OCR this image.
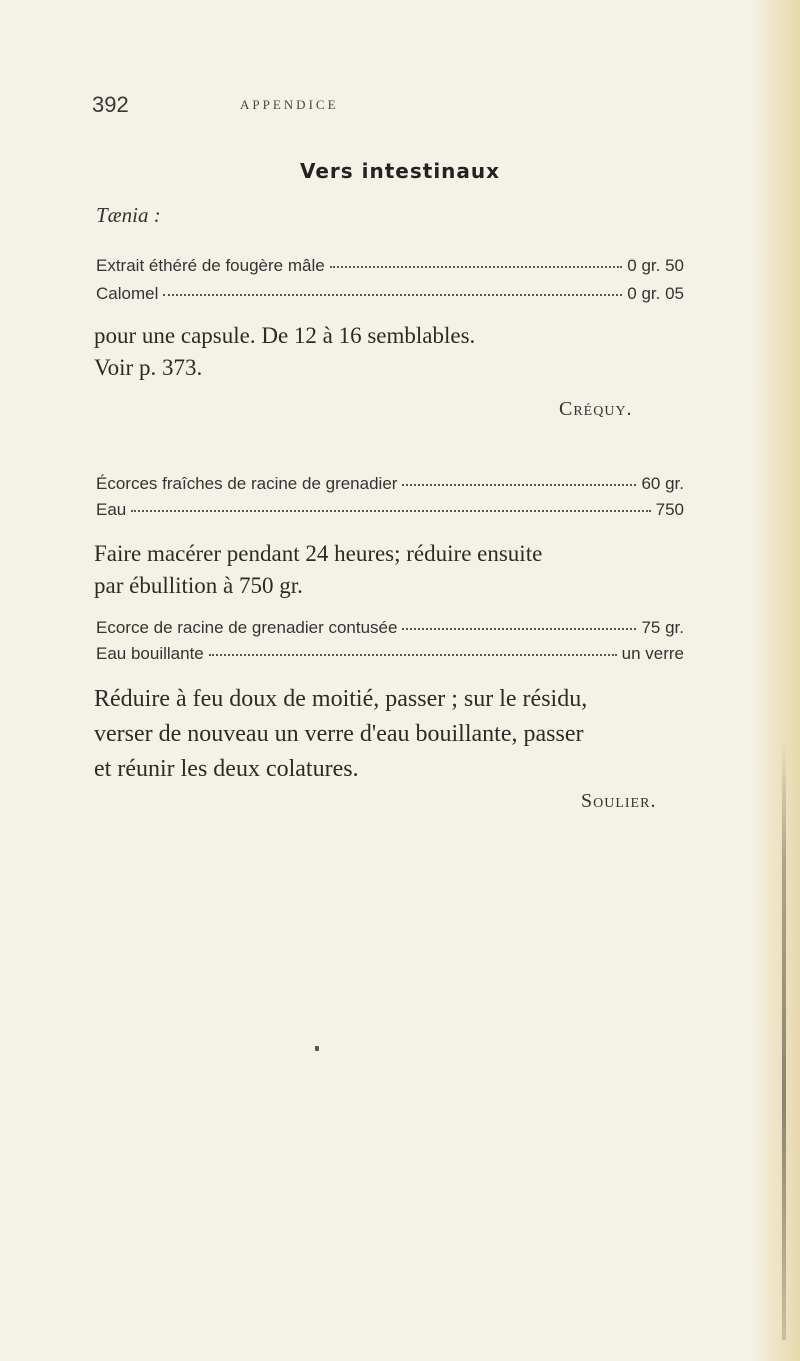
392	APPENDICE
Vers intestinaux
Tænia :
Extrait éthéré de fougère mâle	0 gr. 50
Calomel	0 gr. 05
pour une capsule. De 12 à 16 semblables.
Voir p. 373.
Créquy.
Écorces fraîches de racine de grenadier	60 gr.
Eau	750
Faire macérer pendant 24 heures; réduire ensuite
par ébullition à 750 gr.
Ecorce de racine de grenadier contusée	75 gr.
Eau bouillante	un verre
Réduire à feu doux de moitié, passer ; sur le résidu,
verser de nouveau un verre d'eau bouillante, passer
et réunir les deux colatures.
Soulier.
